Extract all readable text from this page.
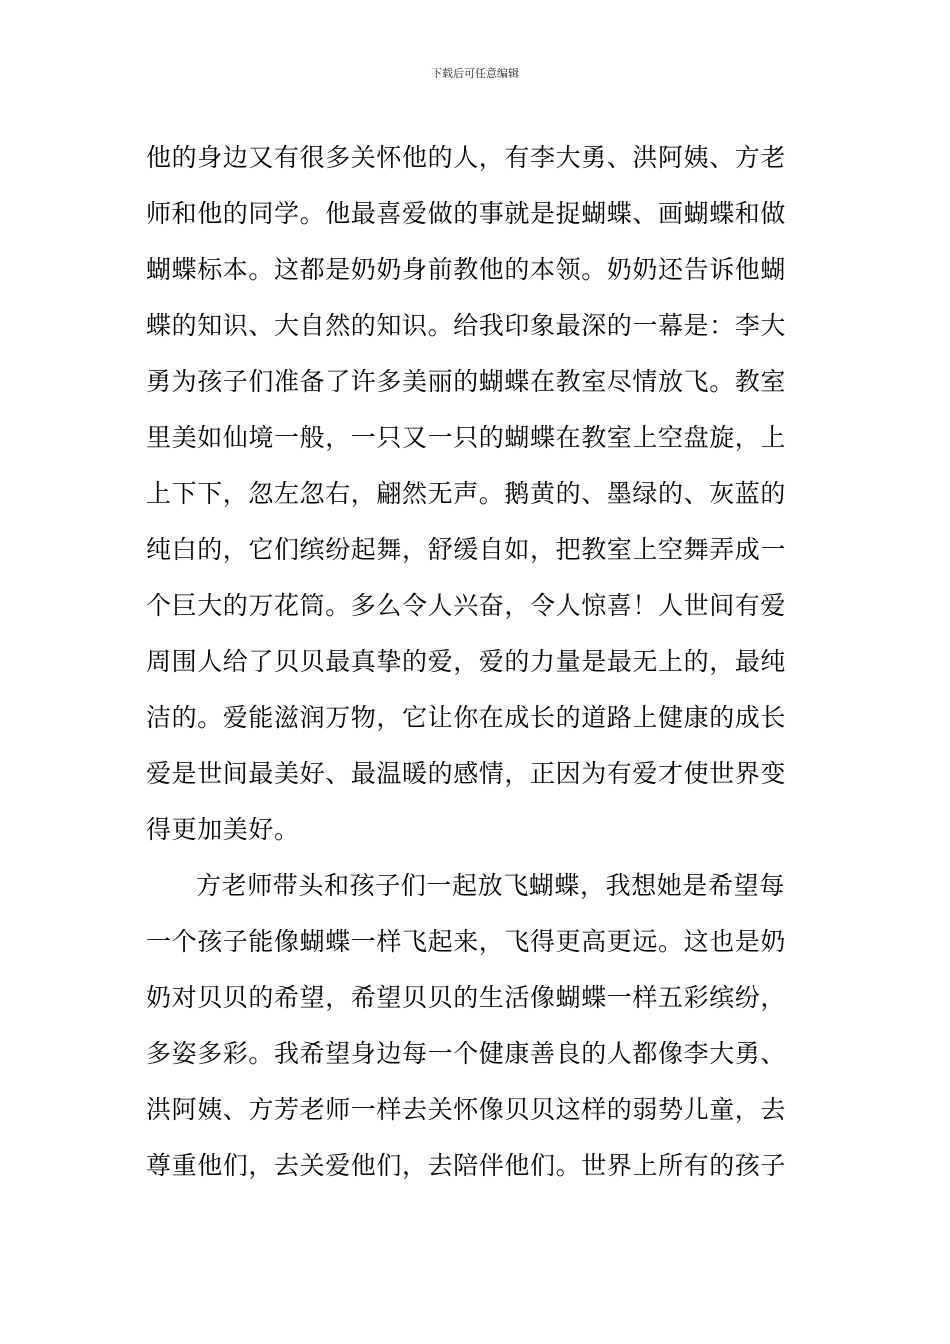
下载后可任意编辑
他的身边又有很多关怀他的人，有李大勇、洪阿姨、方老
师和他的同学。他最喜爱做的事就是捉蝴蝶、画蝴蝶和做
蝴蝶标本。这都是奶奶身前教他的本领。奶奶还告诉他蝴
蝶的知识、大自然的知识。给我印象最深的一幕是：李大
勇为孩子们准备了许多美丽的蝴蝶在教室尽情放飞。教室
里美如仙境一般，一只又一只的蝴蝶在教室上空盘旋，上
上下下，忽左忽右，翩然无声。鹅黄的、墨绿的、灰蓝的
纯白的，它们缤纷起舞，舒缓自如，把教室上空舞弄成一
个巨大的万花筒。多么令人兴奋，令人惊喜！人世间有爱
周围人给了贝贝最真挚的爱，爱的力量是最无上的，最纯
洁的。爱能滋润万物，它让你在成长的道路上健康的成长
爱是世间最美好、最温暖的感情，正因为有爱才使世界变
得更加美好。
方老师带头和孩子们一起放飞蝴蝶，我想她是希望每
一个孩子能像蝴蝶一样飞起来，飞得更高更远。这也是奶
奶对贝贝的希望，希望贝贝的生活像蝴蝶一样五彩缤纷，
多姿多彩。我希望身边每一个健康善良的人都像李大勇、
洪阿姨、方芳老师一样去关怀像贝贝这样的弱势儿童，去
尊重他们，去关爱他们，去陪伴他们。世界上所有的孩子
